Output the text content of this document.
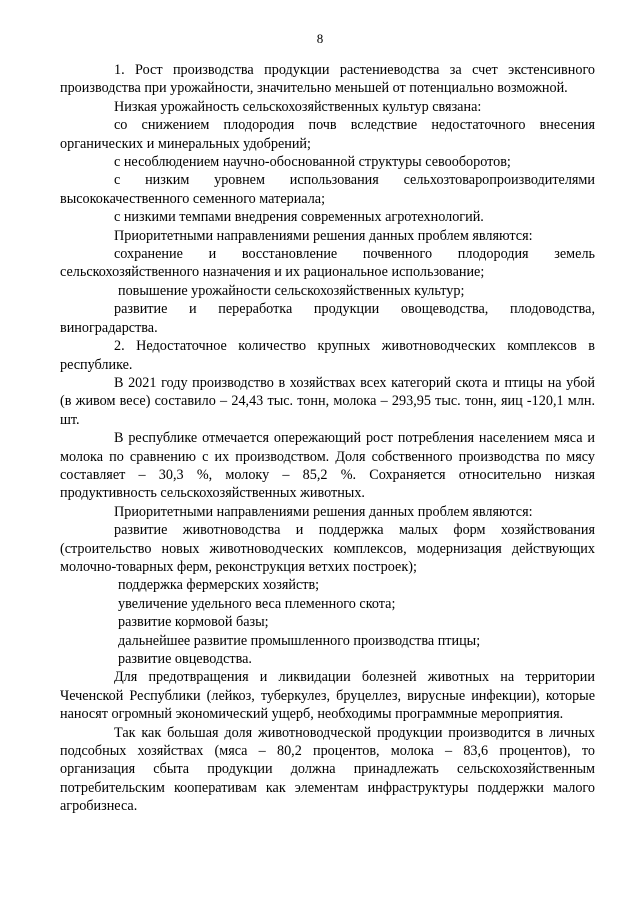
8

1. Рост производства продукции растениеводства за счет экстенсивного производства при урожайности, значительно меньшей от потенциально возможной.

Низкая урожайность сельскохозяйственных культур связана:

со снижением плодородия почв вследствие недостаточного внесения органических и минеральных удобрений;

с несоблюдением научно-обоснованной структуры севооборотов;

с низким уровнем использования сельхозтоваропроизводителями высококачественного семенного материала;

с низкими темпами внедрения современных агротехнологий.

Приоритетными направлениями решения данных проблем являются:

сохранение и восстановление почвенного плодородия земель сельскохозяйственного назначения и их рациональное использование;

повышение урожайности сельскохозяйственных культур;

развитие и переработка продукции овощеводства, плодоводства, виноградарства.

2. Недостаточное количество крупных животноводческих комплексов в республике.

В 2021 году производство в хозяйствах всех категорий скота и птицы на убой (в живом весе) составило – 24,43 тыс. тонн, молока – 293,95 тыс. тонн, яиц -120,1 млн. шт.

В республике отмечается опережающий рост потребления населением мяса и молока по сравнению с их производством. Доля собственного производства по мясу составляет – 30,3 %, молоку – 85,2 %. Сохраняется относительно низкая продуктивность сельскохозяйственных животных.

Приоритетными направлениями решения данных проблем являются:

развитие животноводства и поддержка малых форм хозяйствования (строительство новых животноводческих комплексов, модернизация действующих молочно-товарных ферм, реконструкция ветхих построек);

поддержка фермерских хозяйств;

увеличение удельного веса племенного скота;

развитие кормовой базы;

дальнейшее развитие промышленного производства птицы;

развитие овцеводства.

Для предотвращения и ликвидации болезней животных на территории Чеченской Республики (лейкоз, туберкулез, бруцеллез, вирусные инфекции), которые наносят огромный экономический ущерб, необходимы программные мероприятия.

Так как большая доля животноводческой продукции производится в личных подсобных хозяйствах (мяса – 80,2 процентов, молока – 83,6 процентов), то организация сбыта продукции должна принадлежать сельскохозяйственным потребительским кооперативам как элементам инфраструктуры поддержки малого агробизнеса.
